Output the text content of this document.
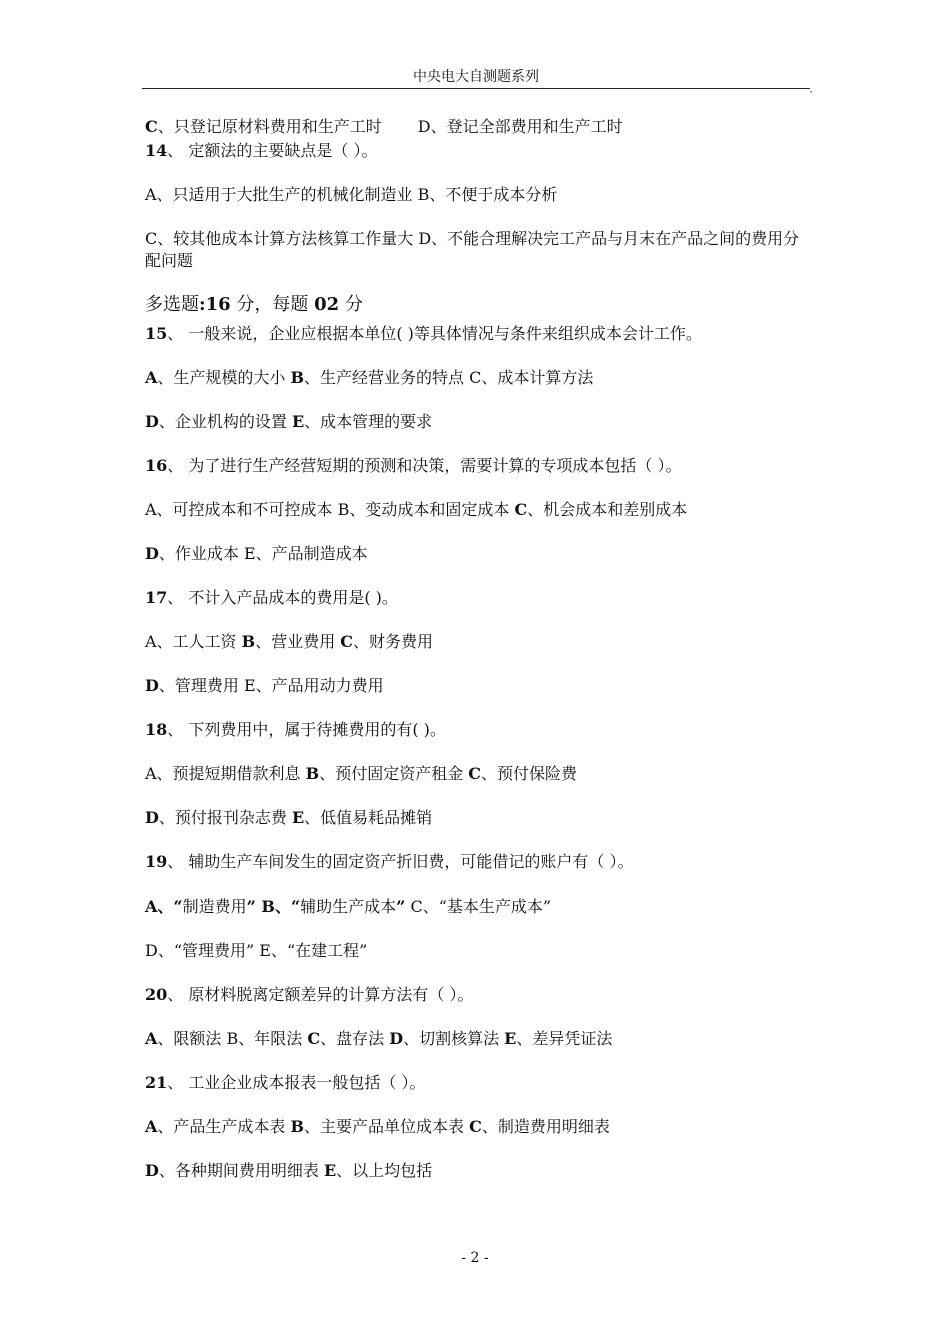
中央电大自测题系列
,
C、只登记原材料费用和生产工时 D、登记全部费用和生产工时
14、 定额法的主要缺点是（ ）。
A、只适用于大批生产的机械化制造业 B、不便于成本分析
C、较其他成本计算方法核算工作量大 D、不能合理解决完工产品与月末在产品之间的费用分配问题
多选题:16 分，每题 02 分
15、 一般来说，企业应根据本单位( )等具体情况与条件来组织成本会计工作。
A、生产规模的大小 B、生产经营业务的特点 C、成本计算方法
D、企业机构的设置 E、成本管理的要求
16、 为了进行生产经营短期的预测和决策，需要计算的专项成本包括（ ）。
A、可控成本和不可控成本 B、变动成本和固定成本 C、机会成本和差别成本
D、作业成本 E、产品制造成本
17、 不计入产品成本的费用是( )。
A、工人工资 B、营业费用 C、财务费用
D、管理费用 E、产品用动力费用
18、 下列费用中，属于待摊费用的有( )。
A、预提短期借款利息 B、预付固定资产租金 C、预付保险费
D、预付报刊杂志费 E、低值易耗品摊销
19、 辅助生产车间发生的固定资产折旧费，可能借记的账户有（ ）。
A、“制造费用” B、“辅助生产成本” C、“基本生产成本”
D、“管理费用” E、“在建工程”
20、 原材料脱离定额差异的计算方法有（ ）。
A、限额法 B、年限法 C、盘存法 D、切割核算法 E、差异凭证法
21、 工业企业成本报表一般包括（ ）。
A、产品生产成本表 B、主要产品单位成本表 C、制造费用明细表
D、各种期间费用明细表 E、以上均包括
- 2 -
